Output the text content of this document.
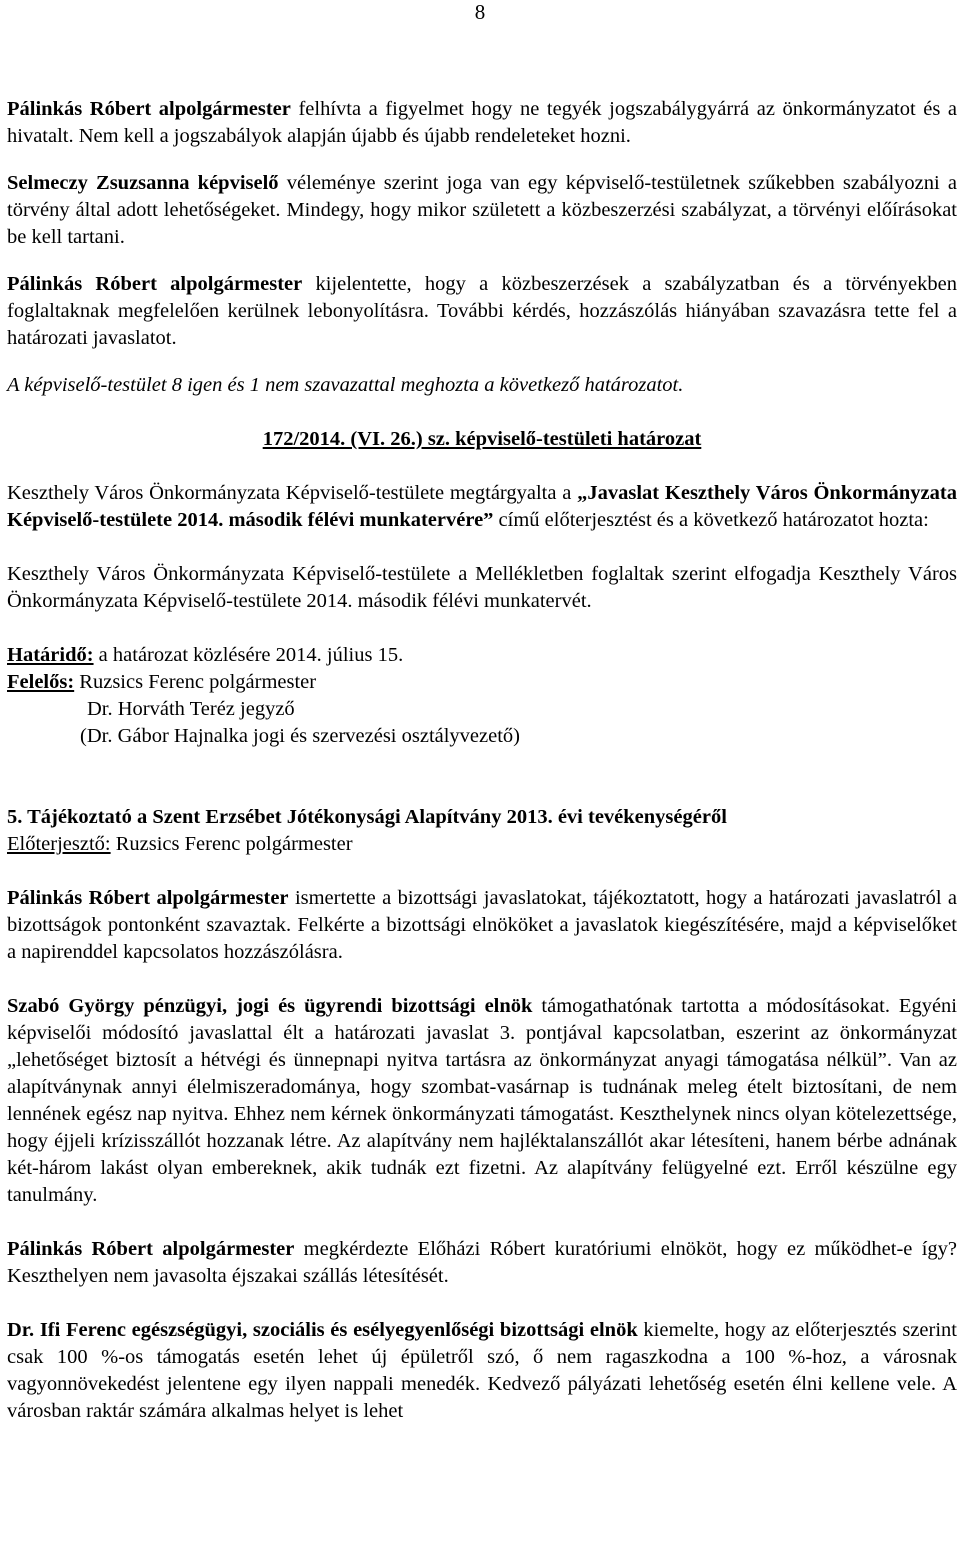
8

Pálinkás Róbert alpolgármester felhívta a figyelmet hogy ne tegyék jogszabálygyárrá az önkormányzatot és a hivatalt. Nem kell a jogszabályok alapján újabb és újabb rendeleteket hozni.

Selmeczy Zsuzsanna képviselő véleménye szerint joga van egy képviselő-testületnek szűkebben szabályozni a törvény által adott lehetőségeket. Mindegy, hogy mikor született a közbeszerzési szabályzat, a törvényi előírásokat be kell tartani.

Pálinkás Róbert alpolgármester kijelentette, hogy a közbeszerzések a szabályzatban és a törvényekben foglaltaknak megfelelően kerülnek lebonyolításra. További kérdés, hozzászólás hiányában szavazásra tette fel a határozati javaslatot.

A képviselő-testület 8 igen és 1 nem szavazattal meghozta a következő határozatot.

172/2014. (VI. 26.) sz. képviselő-testületi határozat

Keszthely Város Önkormányzata Képviselő-testülete megtárgyalta a „Javaslat Keszthely Város Önkormányzata Képviselő-testülete 2014. második félévi munkatervére” című előterjesztést és a következő határozatot hozta:

Keszthely Város Önkormányzata Képviselő-testülete a Mellékletben foglaltak szerint elfogadja Keszthely Város Önkormányzata Képviselő-testülete 2014. második félévi munkatervét.

Határidő: a határozat közlésére 2014. július 15.

Felelős: Ruzsics Ferenc polgármester

Dr. Horváth Teréz jegyző

(Dr. Gábor Hajnalka jogi és szervezési osztályvezető)

5. Tájékoztató a Szent Erzsébet Jótékonysági Alapítvány 2013. évi tevékenységéről

Előterjesztő: Ruzsics Ferenc polgármester

Pálinkás Róbert alpolgármester ismertette a bizottsági javaslatokat, tájékoztatott, hogy a határozati javaslatról a bizottságok pontonként szavaztak. Felkérte a bizottsági elnököket a javaslatok kiegészítésére, majd a képviselőket a napirenddel kapcsolatos hozzászólásra.

Szabó György pénzügyi, jogi és ügyrendi bizottsági elnök támogathatónak tartotta a módosításokat. Egyéni képviselői módosító javaslattal élt a határozati javaslat 3. pontjával kapcsolatban, eszerint az önkormányzat „lehetőséget biztosít a hétvégi és ünnepnapi nyitva tartásra az önkormányzat anyagi támogatása nélkül”. Van az alapítványnak annyi élelmiszeradománya, hogy szombat-vasárnap is tudnának meleg ételt biztosítani, de nem lennének egész nap nyitva. Ehhez nem kérnek önkormányzati támogatást. Keszthelynek nincs olyan kötelezettsége, hogy éjjeli krízisszállót hozzanak létre. Az alapítvány nem hajléktalanszállót akar létesíteni, hanem bérbe adnának két-három lakást olyan embereknek, akik tudnák ezt fizetni. Az alapítvány felügyelné ezt. Erről készülne egy tanulmány.

Pálinkás Róbert alpolgármester megkérdezte Előházi Róbert kuratóriumi elnököt, hogy ez működhet-e így? Keszthelyen nem javasolta éjszakai szállás létesítését.

Dr. Ifi Ferenc egészségügyi, szociális és esélyegyenlőségi bizottsági elnök kiemelte, hogy az előterjesztés szerint csak 100 %-os támogatás esetén lehet új épületről szó, ő nem ragaszkodna a 100 %-hoz, a városnak vagyonnövekedést jelentene egy ilyen nappali menedék. Kedvező pályázati lehetőség esetén élni kellene vele. A városban raktár számára alkalmas helyet is lehet
